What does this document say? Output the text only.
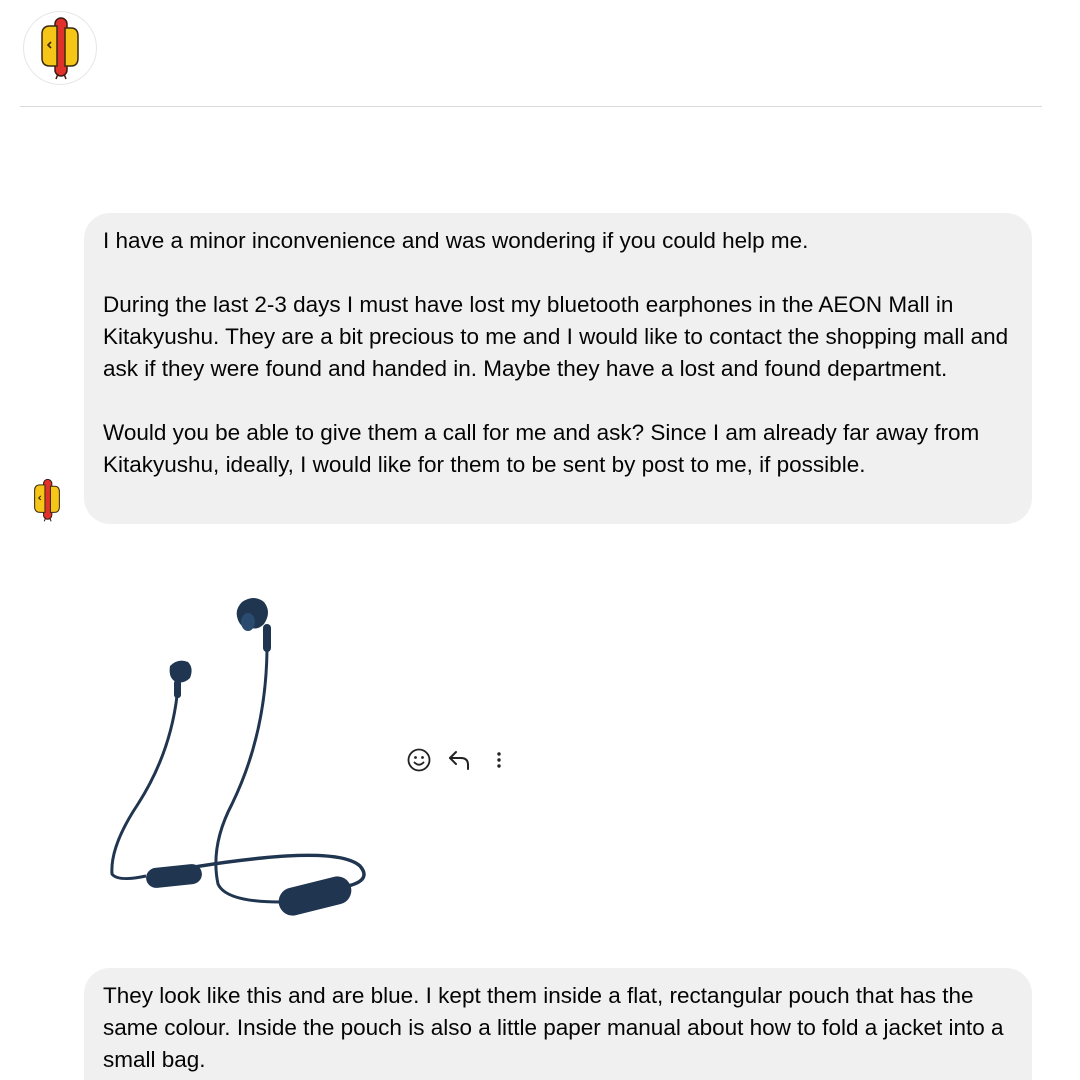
I have a minor inconvenience and was wondering if you could help me.

During the last 2-3 days I must have lost my bluetooth earphones in the AEON Mall in Kitakyushu. They are a bit precious to me and I would like to contact the shopping mall and ask if they were found and handed in. Maybe they have a lost and found department.

Would you be able to give them a call for me and ask? Since I am already far away from Kitakyushu, ideally, I would like for them to be sent by post to me, if possible.

They look like this and are blue. I kept them inside a flat, rectangular pouch that has the same colour. Inside the pouch is also a little paper manual about how to fold a jacket into a small bag.
